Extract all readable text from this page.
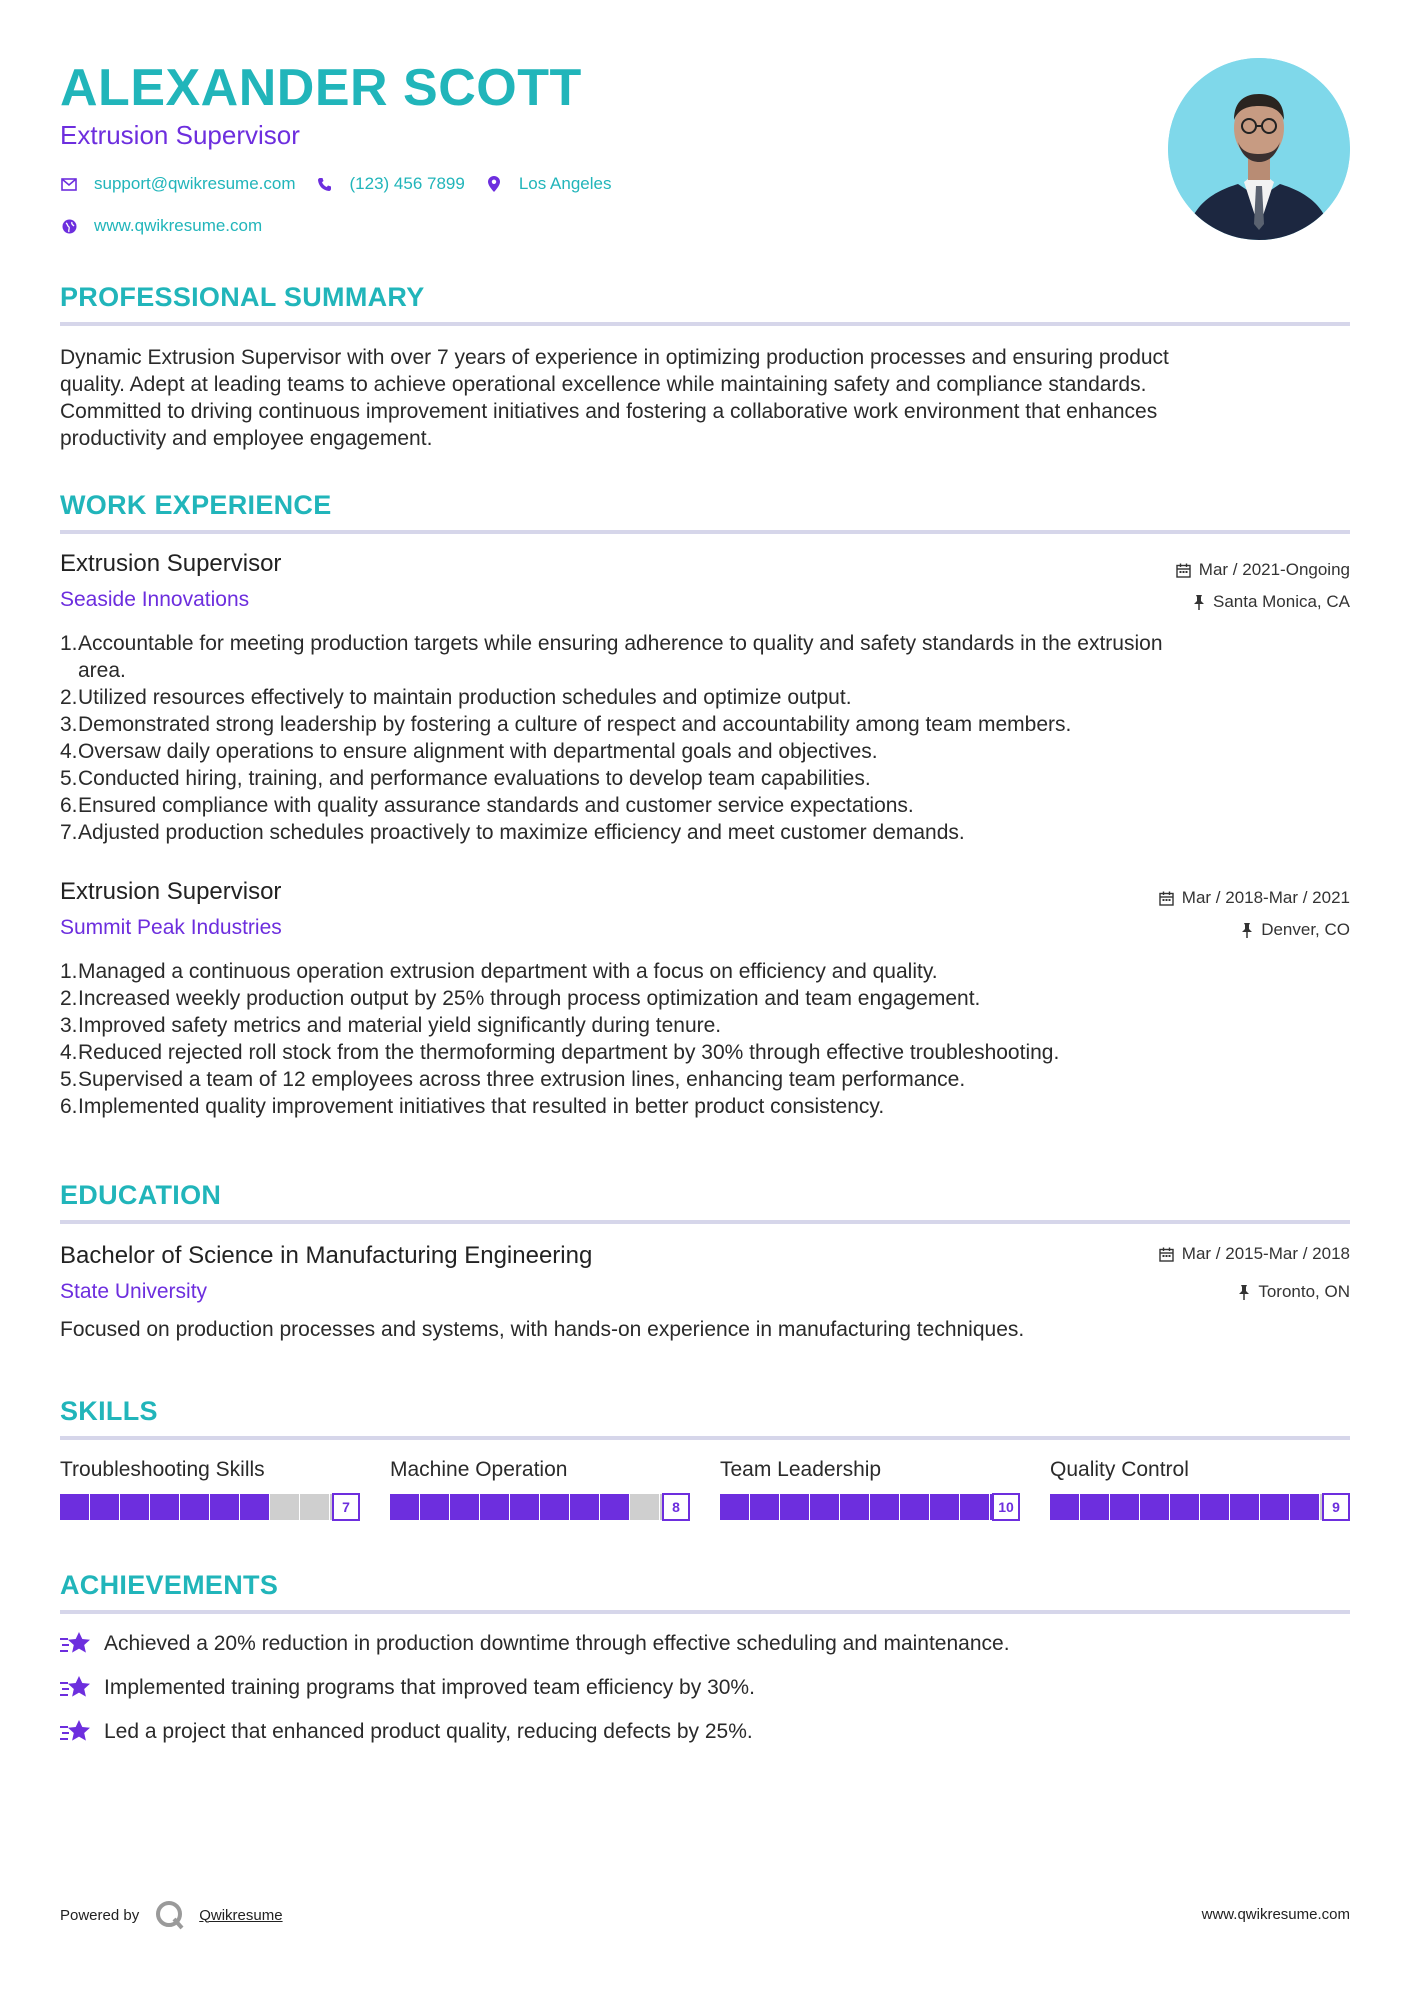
ALEXANDER SCOTT
Extrusion Supervisor
support@qwikresume.com	(123) 456 7899	Los Angeles
www.qwikresume.com
PROFESSIONAL SUMMARY
Dynamic Extrusion Supervisor with over 7 years of experience in optimizing production processes and ensuring product
quality. Adept at leading teams to achieve operational excellence while maintaining safety and compliance standards.
Committed to driving continuous improvement initiatives and fostering a collaborative work environment that enhances
productivity and employee engagement.
WORK EXPERIENCE
Extrusion Supervisor	Mar / 2021-Ongoing
Seaside Innovations	Santa Monica, CA
1. Accountable for meeting production targets while ensuring adherence to quality and safety standards in the extrusion
area.
2. Utilized resources effectively to maintain production schedules and optimize output.
3. Demonstrated strong leadership by fostering a culture of respect and accountability among team members.
4. Oversaw daily operations to ensure alignment with departmental goals and objectives.
5. Conducted hiring, training, and performance evaluations to develop team capabilities.
6. Ensured compliance with quality assurance standards and customer service expectations.
7. Adjusted production schedules proactively to maximize efficiency and meet customer demands.
Extrusion Supervisor	Mar / 2018-Mar / 2021
Summit Peak Industries	Denver, CO
1. Managed a continuous operation extrusion department with a focus on efficiency and quality.
2. Increased weekly production output by 25% through process optimization and team engagement.
3. Improved safety metrics and material yield significantly during tenure.
4. Reduced rejected roll stock from the thermoforming department by 30% through effective troubleshooting.
5. Supervised a team of 12 employees across three extrusion lines, enhancing team performance.
6. Implemented quality improvement initiatives that resulted in better product consistency.
EDUCATION
Bachelor of Science in Manufacturing Engineering	Mar / 2015-Mar / 2018
State University	Toronto, ON
Focused on production processes and systems, with hands-on experience in manufacturing techniques.
SKILLS
Troubleshooting Skills
7
Machine Operation
8
Team Leadership
10
Quality Control
9
ACHIEVEMENTS
Achieved a 20% reduction in production downtime through effective scheduling and maintenance.
Implemented training programs that improved team efficiency by 30%.
Led a project that enhanced product quality, reducing defects by 25%.
Powered by	Qwikresume	www.qwikresume.com
